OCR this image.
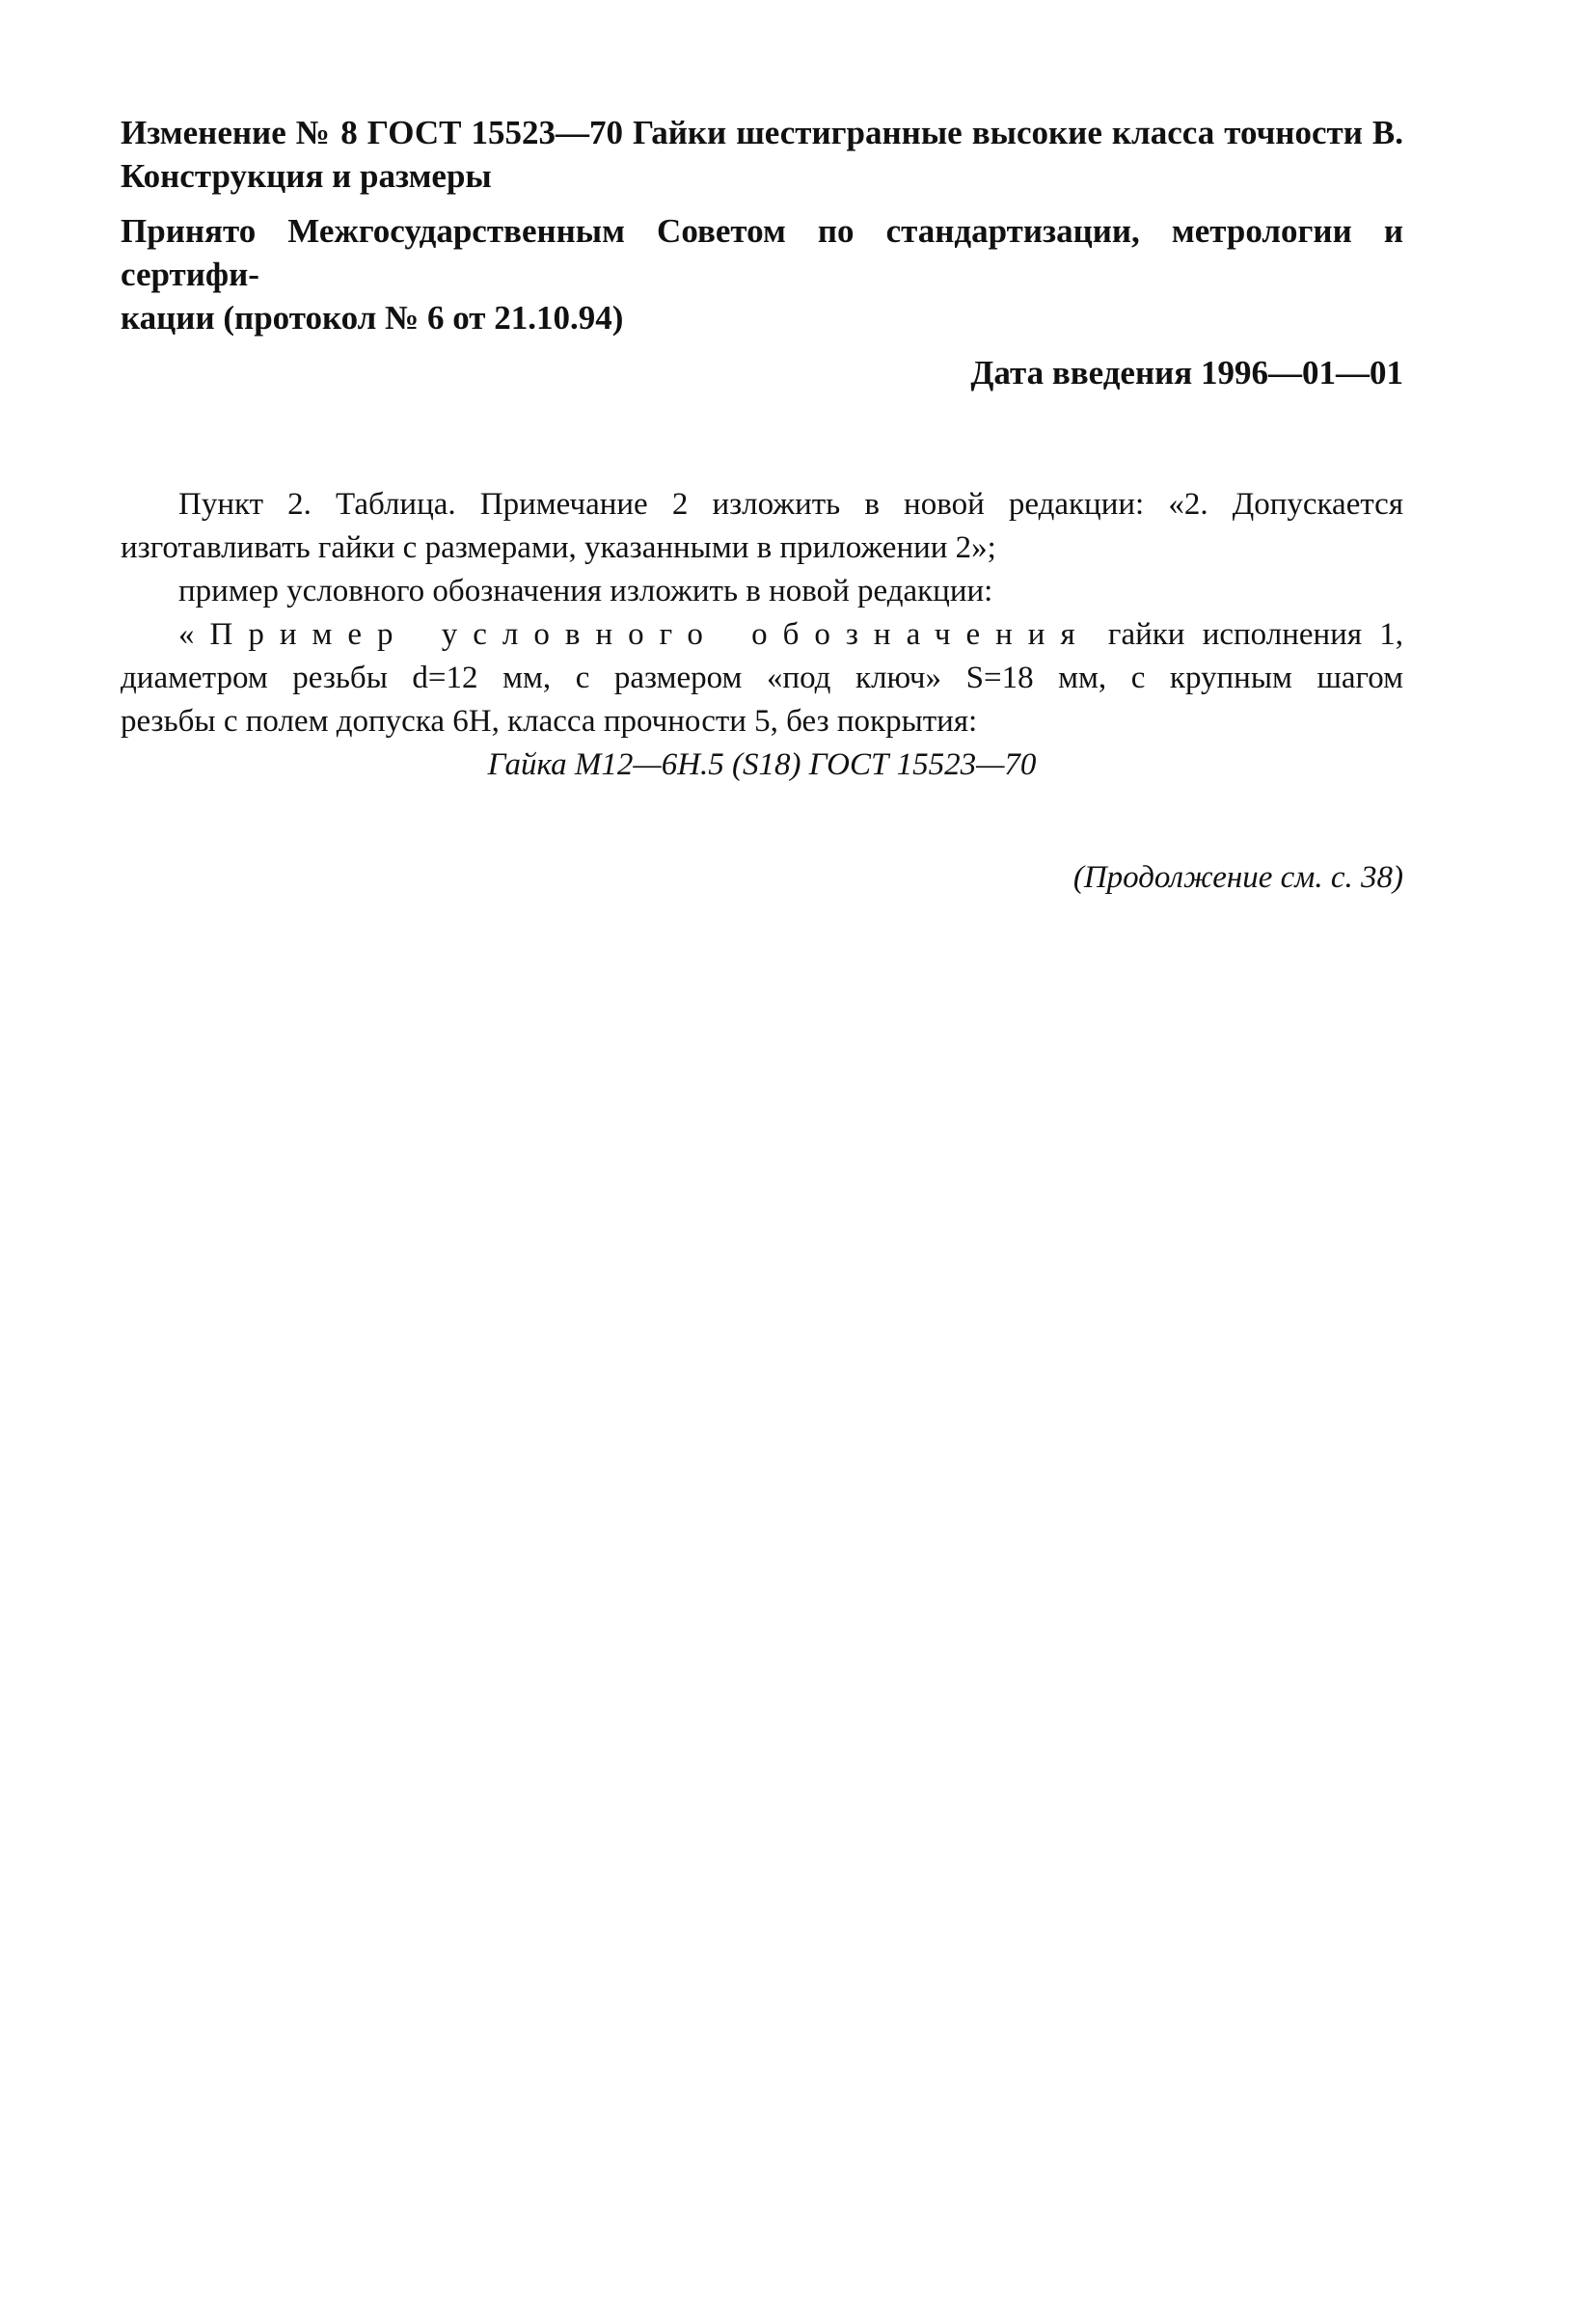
Изменение № 8 ГОСТ 15523—70 Гайки шестигранные высокие класса точности В.

Конструкция и размеры

Принято Межгосударственным Советом по стандартизации, метрологии и сертифи-

кации (протокол № 6 от 21.10.94)

Дата введения 1996—01—01

Пункт 2. Таблица. Примечание 2 изложить в новой редакции: «2. Допускается

изготавливать гайки с размерами, указанными в приложении 2»;

пример условного обозначения изложить в новой редакции:

«Пример условного обозначения гайки исполнения 1,

диаметром резьбы d=12 мм, с размером «под ключ» S=18 мм, с крупным шагом

резьбы с полем допуска 6Н, класса прочности 5, без покрытия:

Гайка М12—6Н.5 (S18) ГОСТ 15523—70

(Продолжение см. с. 38)
